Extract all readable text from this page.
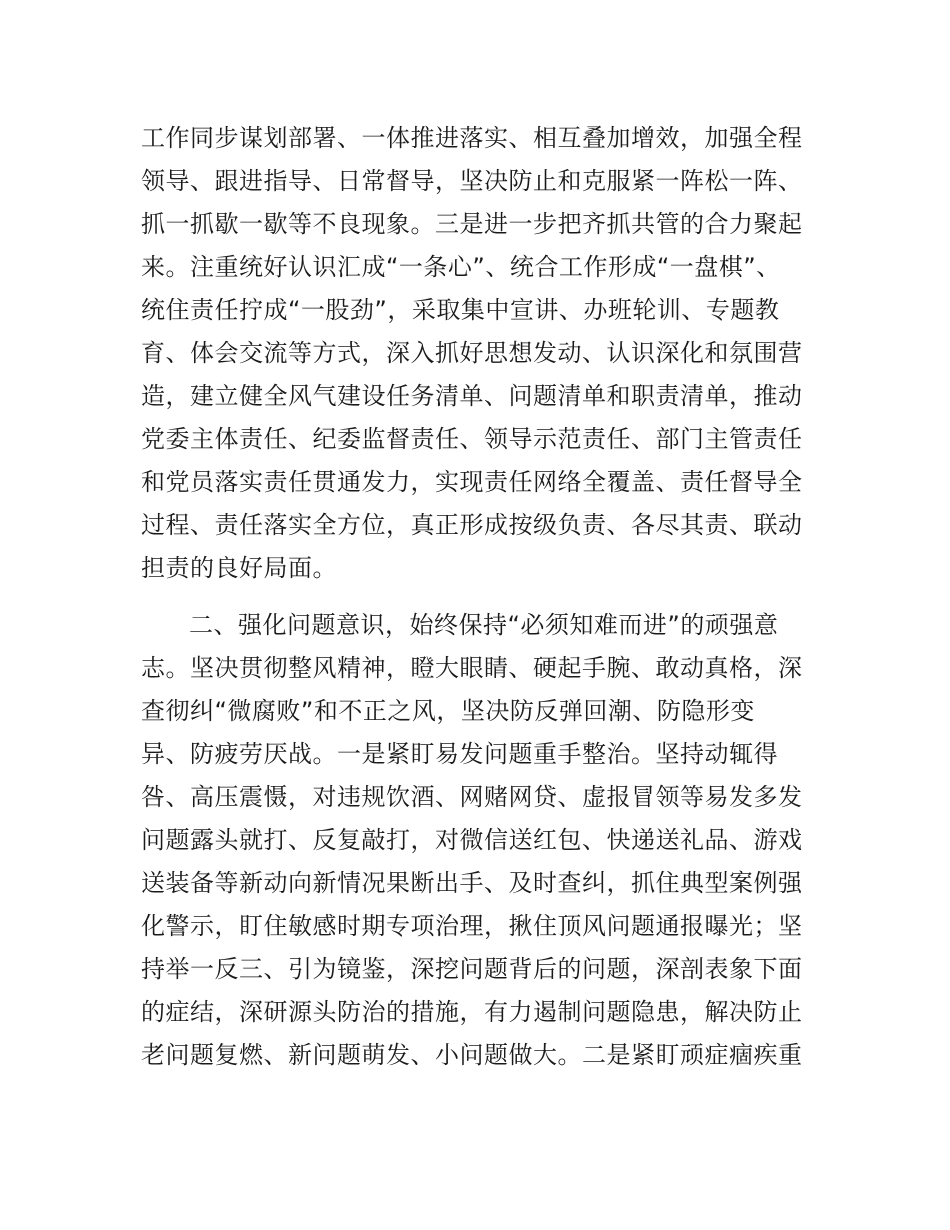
工作同步谋划部署、一体推进落实、相互叠加增效，加强全程

领导、跟进指导、日常督导，坚决防止和克服紧一阵松一阵、

抓一抓歇一歇等不良现象。三是进一步把齐抓共管的合力聚起

来。注重统好认识汇成“一条心”、统合工作形成“一盘棋”、

统住责任拧成“一股劲”，采取集中宣讲、办班轮训、专题教

育、体会交流等方式，深入抓好思想发动、认识深化和氛围营

造，建立健全风气建设任务清单、问题清单和职责清单，推动

党委主体责任、纪委监督责任、领导示范责任、部门主管责任

和党员落实责任贯通发力，实现责任网络全覆盖、责任督导全

过程、责任落实全方位，真正形成按级负责、各尽其责、联动

担责的良好局面。

二、强化问题意识，始终保持“必须知难而进”的顽强意

志。坚决贯彻整风精神，瞪大眼睛、硬起手腕、敢动真格，深

查彻纠“微腐败”和不正之风，坚决防反弹回潮、防隐形变

异、防疲劳厌战。一是紧盯易发问题重手整治。坚持动辄得

咎、高压震慑，对违规饮酒、网赌网贷、虚报冒领等易发多发

问题露头就打、反复敲打，对微信送红包、快递送礼品、游戏

送装备等新动向新情况果断出手、及时查纠，抓住典型案例强

化警示，盯住敏感时期专项治理，揪住顶风问题通报曝光；坚

持举一反三、引为镜鉴，深挖问题背后的问题，深剖表象下面

的症结，深研源头防治的措施，有力遏制问题隐患，解决防止

老问题复燃、新问题萌发、小问题做大。二是紧盯顽症痼疾重
